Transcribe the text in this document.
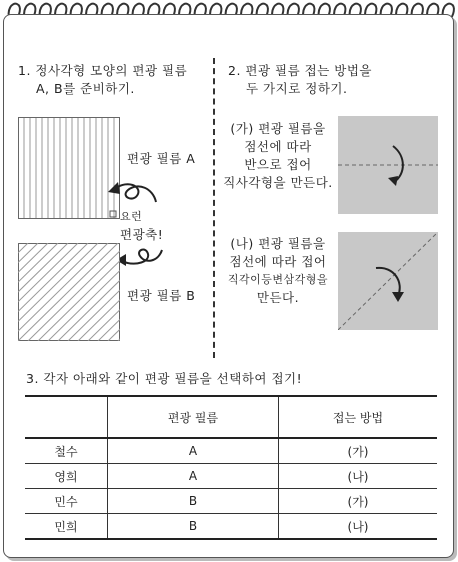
1. 정사각형 모양의 편광 필름
A, B를 준비하기.
편광 필름 A
요런
편광축!
편광 필름 B
2. 편광 필름 접는 방법을
두 가지로 정하기.
(가) 편광 필름을
점선에 따라
반으로 접어
직사각형을 만든다.
(나) 편광 필름을
점선에 따라 접어
직각이등변삼각형을
만든다.
3. 각자 아래와 같이 편광 필름을 선택하여 접기!
	편광 필름	접는 방법
철수	A	(가)
영희	A	(나)
민수	B	(가)
민희	B	(나)
